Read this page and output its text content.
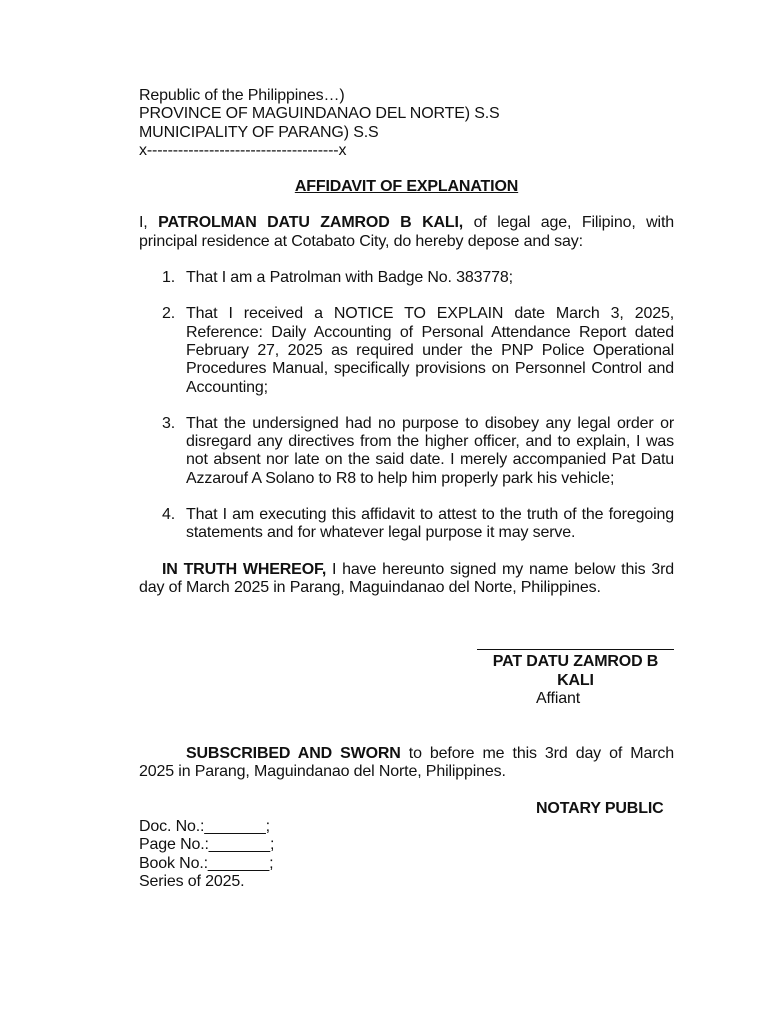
Republic of the Philippines…)
PROVINCE OF MAGUINDANAO DEL NORTE) S.S
MUNICIPALITY OF PARANG) S.S
x-------------------------------------x
AFFIDAVIT OF EXPLANATION

I, PATROLMAN DATU ZAMROD B KALI, of legal age, Filipino, with principal residence at Cotabato City, do hereby depose and say:

1. That I am a Patrolman with Badge No. 383778;
2. That I received a NOTICE TO EXPLAIN date March 3, 2025, Reference: Daily Accounting of Personal Attendance Report dated February 27, 2025 as required under the PNP Police Operational Procedures Manual, specifically provisions on Personnel Control and Accounting;
3. That the undersigned had no purpose to disobey any legal order or disregard any directives from the higher officer, and to explain, I was not absent nor late on the said date. I merely accompanied Pat Datu Azzarouf A Solano to R8 to help him properly park his vehicle;
4. That I am executing this affidavit to attest to the truth of the foregoing statements and for whatever legal purpose it may serve.

IN TRUTH WHEREOF, I have hereunto signed my name below this 3rd day of March 2025 in Parang, Maguindanao del Norte, Philippines.

PAT DATU ZAMROD B KALI
Affiant

SUBSCRIBED AND SWORN to before me this 3rd day of March 2025 in Parang, Maguindanao del Norte, Philippines.

NOTARY PUBLIC
Doc. No.:_______;
Page No.:_______;
Book No.:_______;
Series of 2025.
